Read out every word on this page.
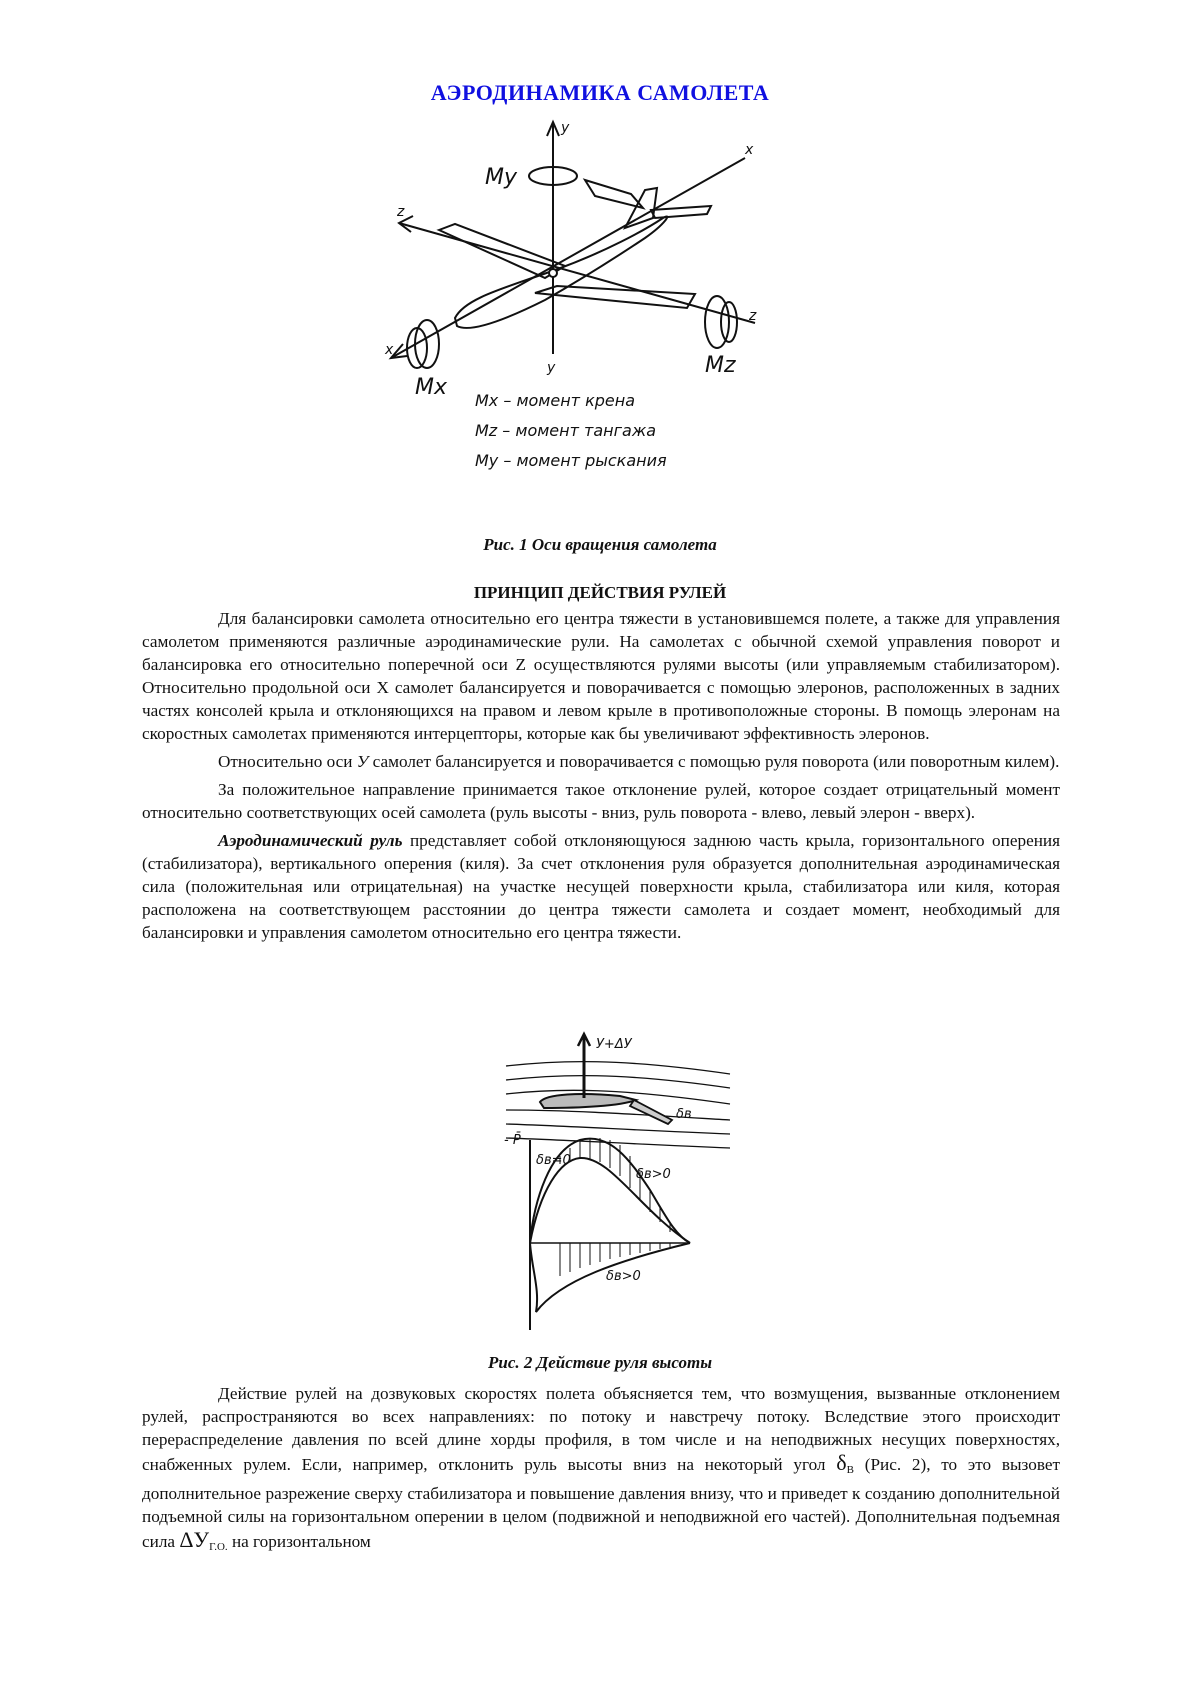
АЭРОДИНАМИКА САМОЛЕТА
y
y
x
x
z
z
My
Mx
Mz
Mx – момент крена
Mz – момент тангажа
My – момент рыскания
Рис. 1 Оси вращения самолета
ПРИНЦИП ДЕЙСТВИЯ РУЛЕЙ

Для балансировки самолета относительно его центра тяжести в установившемся полете, а также для управления самолетом применяются различные аэродинамические рули. На самолетах с обычной схемой управления поворот и балансировка его относительно поперечной оси Z осуществляются рулями высоты (или управляемым стабилизатором). Относительно продольной оси X самолет балансируется и поворачивается с помощью элеронов, расположенных в задних частях консолей крыла и отклоняющихся на правом и левом крыле в противоположные стороны. В помощь элеронам на скоростных самолетах применяются интерцепторы, которые как бы увеличивают эффективность элеронов.

Относительно оси У самолет балансируется и поворачивается с помощью руля поворота (или поворотным килем).

За положительное направление принимается такое отклонение рулей, которое создает отрицательный момент относительно соответствующих осей самолета (руль высоты - вниз, руль поворота - влево, левый элерон - вверх).

Аэродинамический руль представляет собой отклоняющуюся заднюю часть крыла, горизонтального оперения (стабилизатора), вертикального оперения (киля). За счет отклонения руля образуется дополнительная аэродинамическая сила (положительная или отрицательная) на участке несущей поверхности крыла, стабилизатора или киля, которая расположена на соответствующем расстоянии до центра тяжести самолета и создает момент, необходимый для балансировки и управления самолетом относительно его центра тяжести.

У+ΔУ
- P̄
δв
δв=0
δв>0
δв>0
Рис. 2 Действие руля высоты

Действие рулей на дозвуковых скоростях полета объясняется тем, что возмущения, вызванные отклонением рулей, распространяются во всех направлениях: по потоку и навстречу потоку. Вследствие этого происходит перераспределение давления по всей длине хорды профиля, в том числе и на неподвижных несущих поверхностях, снабженных рулем. Если, например, отклонить руль высоты вниз на некоторый угол $\delta_В$ (Рис. 2), то это вызовет дополнительное разрежение сверху стабилизатора и повышение давления внизу, что и приведет к созданию дополнительной подъемной силы на горизонтальном оперении в целом (подвижной и неподвижной его частей). Дополнительная подъемная сила $\Delta У_{Г.О.}$ на горизонтальном
